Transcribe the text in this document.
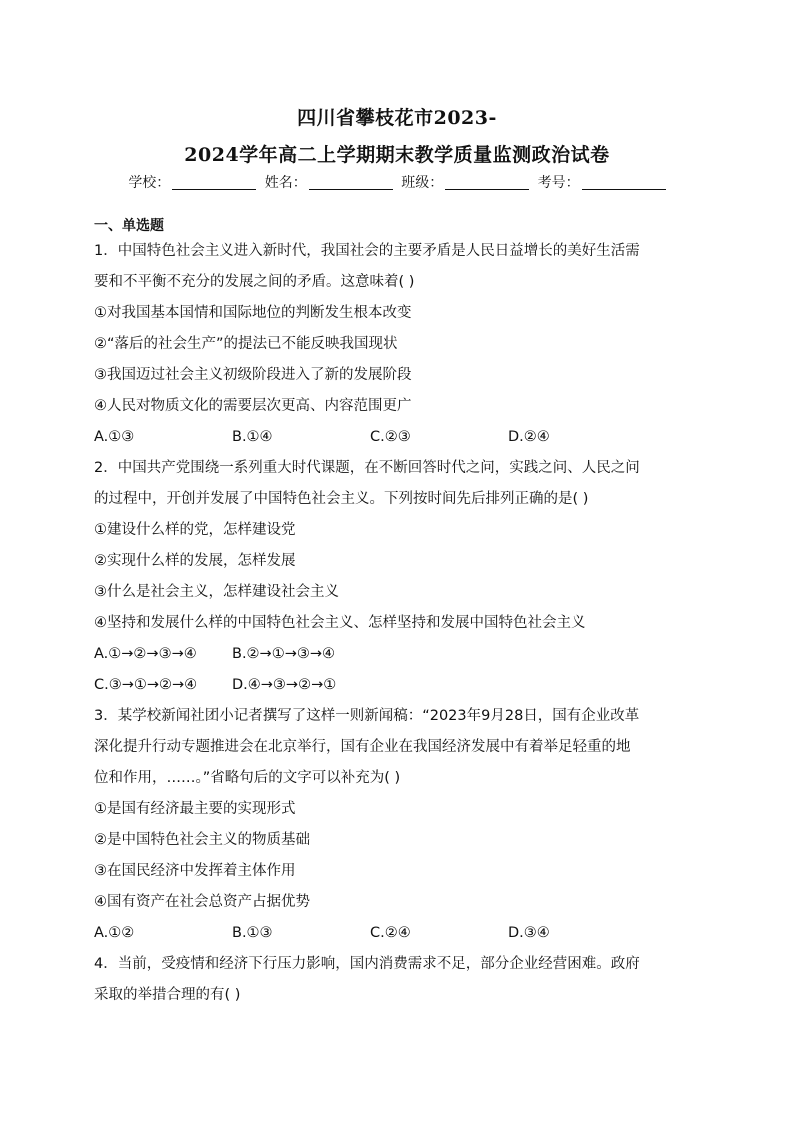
四川省攀枝花市2023-
2024学年高二上学期期末教学质量监测政治试卷
学校：	姓名：	班级：	考号：
一、单选题
1．中国特色社会主义进入新时代，我国社会的主要矛盾是人民日益增长的美好生活需
要和不平衡不充分的发展之间的矛盾。这意味着( )
①对我国基本国情和国际地位的判断发生根本改变
②“落后的社会生产”的提法已不能反映我国现状
③我国迈过社会主义初级阶段进入了新的发展阶段
④人民对物质文化的需要层次更高、内容范围更广
A.①③	B.①④	C.②③	D.②④
2．中国共产党围绕一系列重大时代课题，在不断回答时代之问，实践之问、人民之问
的过程中，开创并发展了中国特色社会主义。下列按时间先后排列正确的是( )
①建设什么样的党，怎样建设党
②实现什么样的发展，怎样发展
③什么是社会主义，怎样建设社会主义
④坚持和发展什么样的中国特色社会主义、怎样坚持和发展中国特色社会主义
A.①→②→③→④	B.②→①→③→④
C.③→①→②→④	D.④→③→②→①
3．某学校新闻社团小记者撰写了这样一则新闻稿：“2023年9月28日，国有企业改革
深化提升行动专题推进会在北京举行，国有企业在我国经济发展中有着举足轻重的地
位和作用，……。”省略句后的文字可以补充为( )
①是国有经济最主要的实现形式
②是中国特色社会主义的物质基础
③在国民经济中发挥着主体作用
④国有资产在社会总资产占据优势
A.①②	B.①③	C.②④	D.③④
4．当前，受疫情和经济下行压力影响，国内消费需求不足，部分企业经营困难。政府
采取的举措合理的有( )
